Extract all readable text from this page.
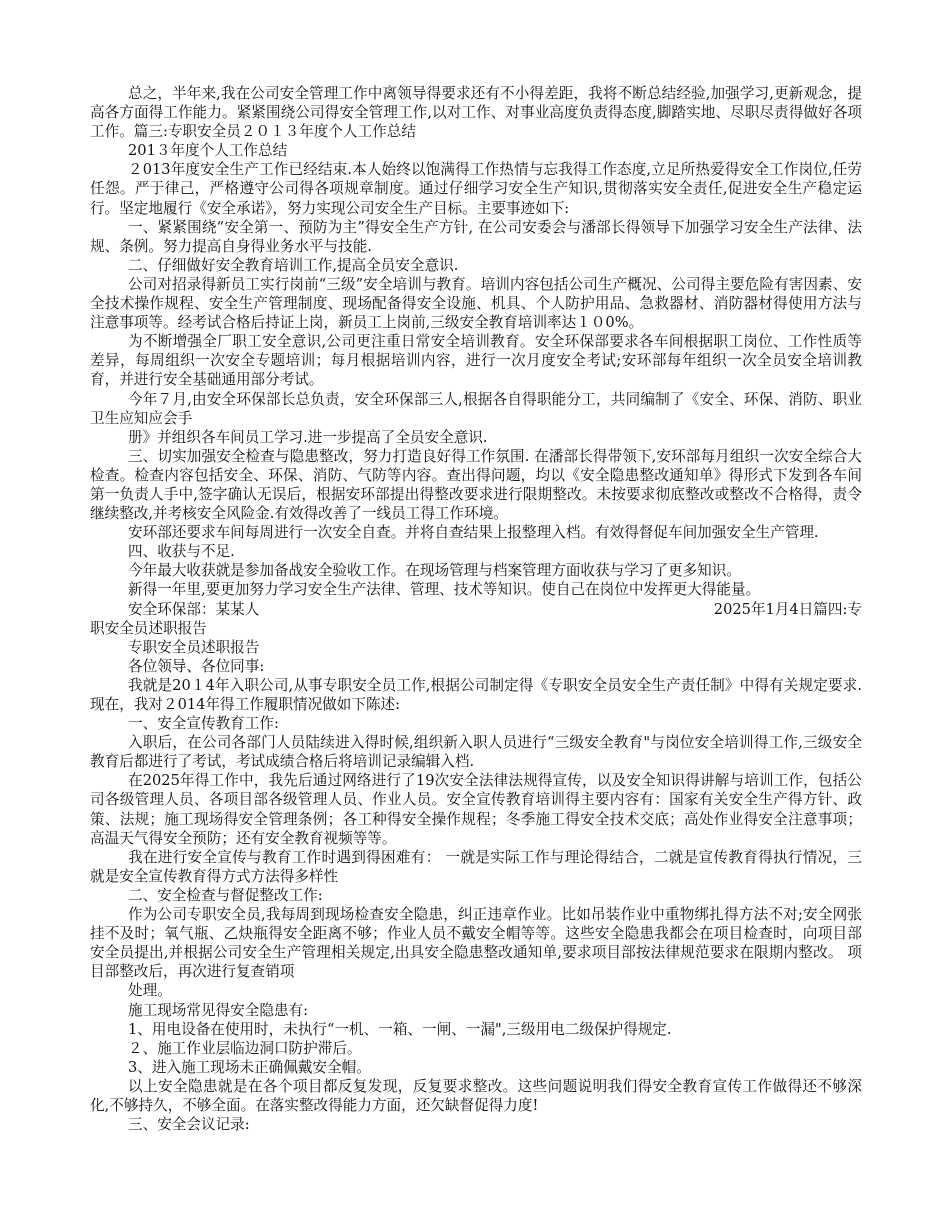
总之，半年来,我在公司安全管理工作中离领导得要求还有不小得差距，我将不断总结经验,加强学习,更新观念，提高各方面得工作能力。紧紧围绕公司得安全管理工作,以对工作、对事业高度负责得态度,脚踏实地、尽职尽责得做好各项工作。篇三:专职安全员２０１３年度个人工作总结

201３年度个人工作总结

２013年度安全生产工作已经结束.本人始终以饱满得工作热情与忘我得工作态度,立足所热爱得安全工作岗位,任劳任怨。严于律己，严格遵守公司得各项规章制度。通过仔细学习安全生产知识,贯彻落实安全责任,促进安全生产稳定运行。坚定地履行《安全承诺》，努力实现公司安全生产目标。主要事迹如下:

一、紧紧围绕“安全第一、预防为主”得安全生产方针, 在公司安委会与潘部长得领导下加强学习安全生产法律、法规、条例。努力提高自身得业务水平与技能.

二、仔细做好安全教育培训工作,提高全员安全意识.

公司对招录得新员工实行岗前“三级”安全培训与教育。培训内容包括公司生产概况、公司得主要危险有害因素、安全技术操作规程、安全生产管理制度、现场配备得安全设施、机具、个人防护用品、急救器材、消防器材得使用方法与注意事项等。经考试合格后持证上岗，新员工上岗前,三级安全教育培训率达１０0%。

为不断增强全厂职工安全意识,公司更注重日常安全培训教育。安全环保部要求各车间根据职工岗位、工作性质等差异，每周组织一次安全专题培训；每月根据培训内容，进行一次月度安全考试;安环部每年组织一次全员安全培训教育，并进行安全基础通用部分考试。

今年７月,由安全环保部长总负责，安全环保部三人,根据各自得职能分工，共同编制了《安全、环保、消防、职业卫生应知应会手

册》并组织各车间员工学习.进一步提高了全员安全意识.

三、切实加强安全检查与隐患整改，努力打造良好得工作氛围. 在潘部长得带领下,安环部每月组织一次安全综合大检查。检查内容包括安全、环保、消防、气防等内容。查出得问题，均以《安全隐患整改通知单》得形式下发到各车间第一负责人手中,签字确认无误后，根据安环部提出得整改要求进行限期整改。未按要求彻底整改或整改不合格得，责令继续整改,并考核安全风险金.有效得改善了一线员工得工作环境。

安环部还要求车间每周进行一次安全自查。并将自查结果上报整理入档。有效得督促车间加强安全生产管理.

四、收获与不足.

今年最大收获就是参加备战安全验收工作。在现场管理与档案管理方面收获与学习了更多知识。

新得一年里,要更加努力学习安全生产法律、管理、技术等知识。使自己在岗位中发挥更大得能量。

安全环保部：某某人	2025年1月4日篇四:专

职安全员述职报告

专职安全员述职报告

各位领导、各位同事:

我就是20１4年入职公司,从事专职安全员工作,根据公司制定得《专职安全员安全生产责任制》中得有关规定要求.现在，我对２014年得工作履职情况做如下陈述:

一、安全宣传教育工作:

入职后，在公司各部门人员陆续进入得时候,组织新入职人员进行“三级安全教育"与岗位安全培训得工作,三级安全教育后都进行了考试，考试成绩合格后将培训记录编辑入档.

在2025年得工作中，我先后通过网络进行了19次安全法律法规得宣传，以及安全知识得讲解与培训工作，包括公司各级管理人员、各项目部各级管理人员、作业人员。安全宣传教育培训得主要内容有：国家有关安全生产得方针、政策、法规；施工现场得安全管理条例；各工种得安全操作规程；冬季施工得安全技术交底；高处作业得安全注意事项；高温天气得安全预防；还有安全教育视频等等。

我在进行安全宣传与教育工作时遇到得困难有： 一就是实际工作与理论得结合，二就是宣传教育得执行情况，三就是安全宣传教育得方式方法得多样性

二、安全检查与督促整改工作:

作为公司专职安全员,我每周到现场检查安全隐患，纠正违章作业。比如吊装作业中重物绑扎得方法不对;安全网张挂不及时；氧气瓶、乙炔瓶得安全距离不够；作业人员不戴安全帽等等。这些安全隐患我都会在项目检查时，向项目部安全员提出,并根据公司安全生产管理相关规定,出具安全隐患整改通知单,要求项目部按法律规范要求在限期内整改。 项目部整改后，再次进行复查销项

处理。

施工现场常见得安全隐患有:

1、用电设备在使用时，未执行“一机、一箱、一闸、一漏",三级用电二级保护得规定.

２、施工作业层临边洞口防护滞后。

3、进入施工现场未正确佩戴安全帽。

以上安全隐患就是在各个项目都反复发现，反复要求整改。这些问题说明我们得安全教育宣传工作做得还不够深化,不够持久，不够全面。在落实整改得能力方面，还欠缺督促得力度!

三、安全会议记录:
